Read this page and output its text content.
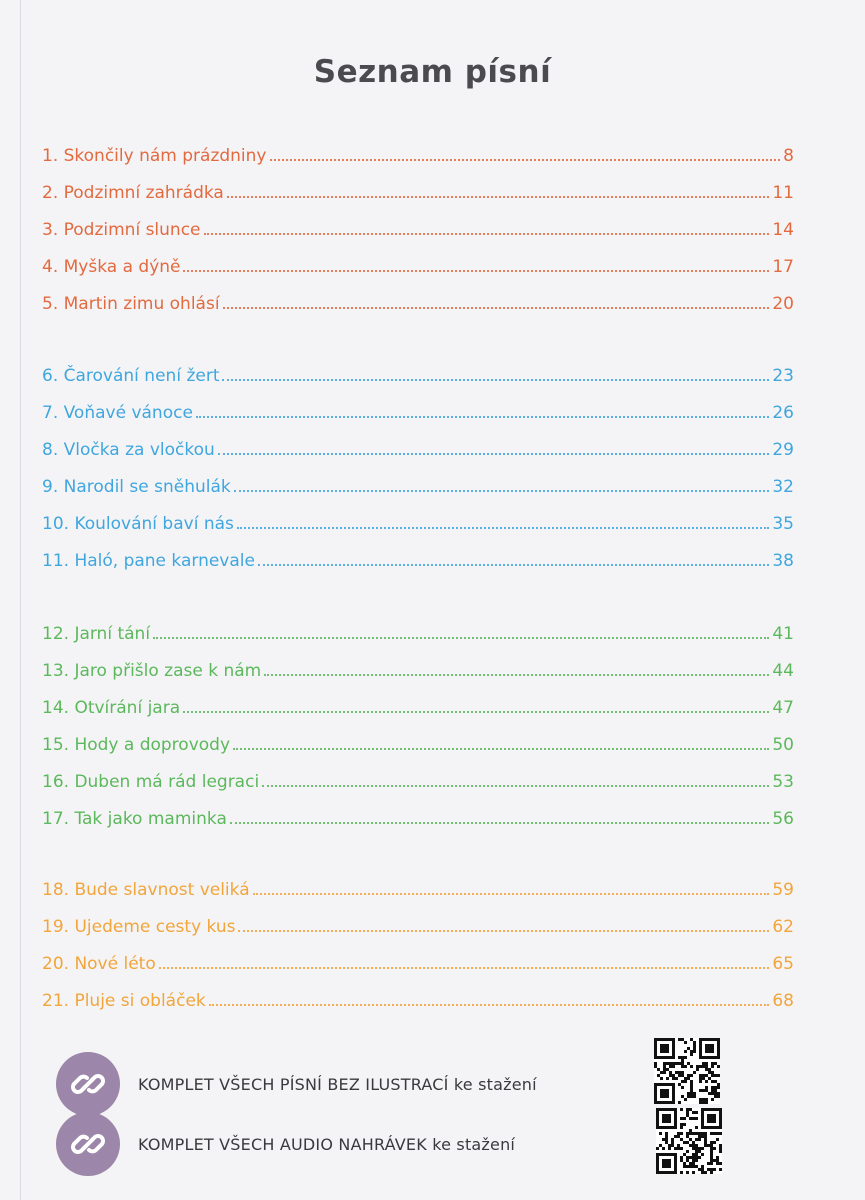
Seznam písní
1. Skončily nám prázdniny	8
2. Podzimní zahrádka	11
3. Podzimní slunce	14
4. Myška a dýně	17
5. Martin zimu ohlásí	20
6. Čarování není žert	23
7. Voňavé vánoce	26
8. Vločka za vločkou	29
9. Narodil se sněhulák	32
10. Koulování baví nás	35
11. Haló, pane karnevale	38
12. Jarní tání	41
13. Jaro přišlo zase k nám	44
14. Otvírání jara	47
15. Hody a doprovody	50
16. Duben má rád legraci	53
17. Tak jako maminka	56
18. Bude slavnost veliká	59
19. Ujedeme cesty kus	62
20. Nové léto	65
21. Pluje si obláček	68
KOMPLET VŠECH PÍSNÍ BEZ ILUSTRACÍ ke stažení
KOMPLET VŠECH AUDIO NAHRÁVEK ke stažení
